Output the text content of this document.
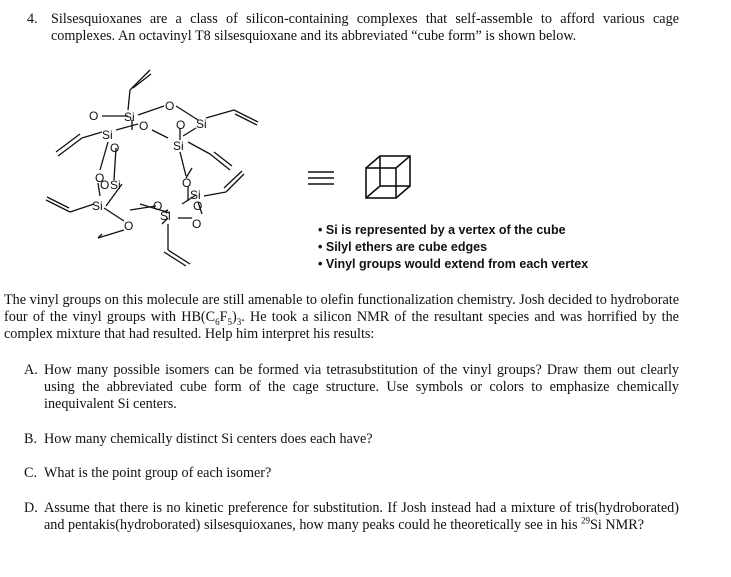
4. Silsesquioxanes are a class of silicon-containing complexes that self-assemble to afford various cage complexes. An octavinyl T8 silsesquioxane and its abbreviated “cube form” is shown below.
O Si
O
O Si
Si
O
Si
O
O
O Si	O
Si
Si	O	O
Si
O	O
•	Si is represented by a vertex of the cube
• Silyl ethers are cube edges
• Vinyl groups would extend from each vertex
The vinyl groups on this molecule are still amenable to olefin functionalization chemistry. Josh decided to hydroborate four of the vinyl groups with $HB(C_6F_5)_3$. He took a silicon NMR of the resultant species and was horrified by the complex mixture that had resulted. Help him interpret his results:
A. How many possible isomers can be formed via tetrasubstitution of the vinyl groups? Draw them out clearly using the abbreviated cube form of the cage structure. Use symbols or colors to emphasize chemically inequivalent Si centers.
B. How many chemically distinct Si centers does each have?
C. What is the point group of each isomer?
D. Assume that there is no kinetic preference for substitution. If Josh instead had a mixture of tris(hydroborated) and pentakis(hydroborated) silsesquioxanes, how many peaks could he theoretically see in his $^{29}$Si NMR?
